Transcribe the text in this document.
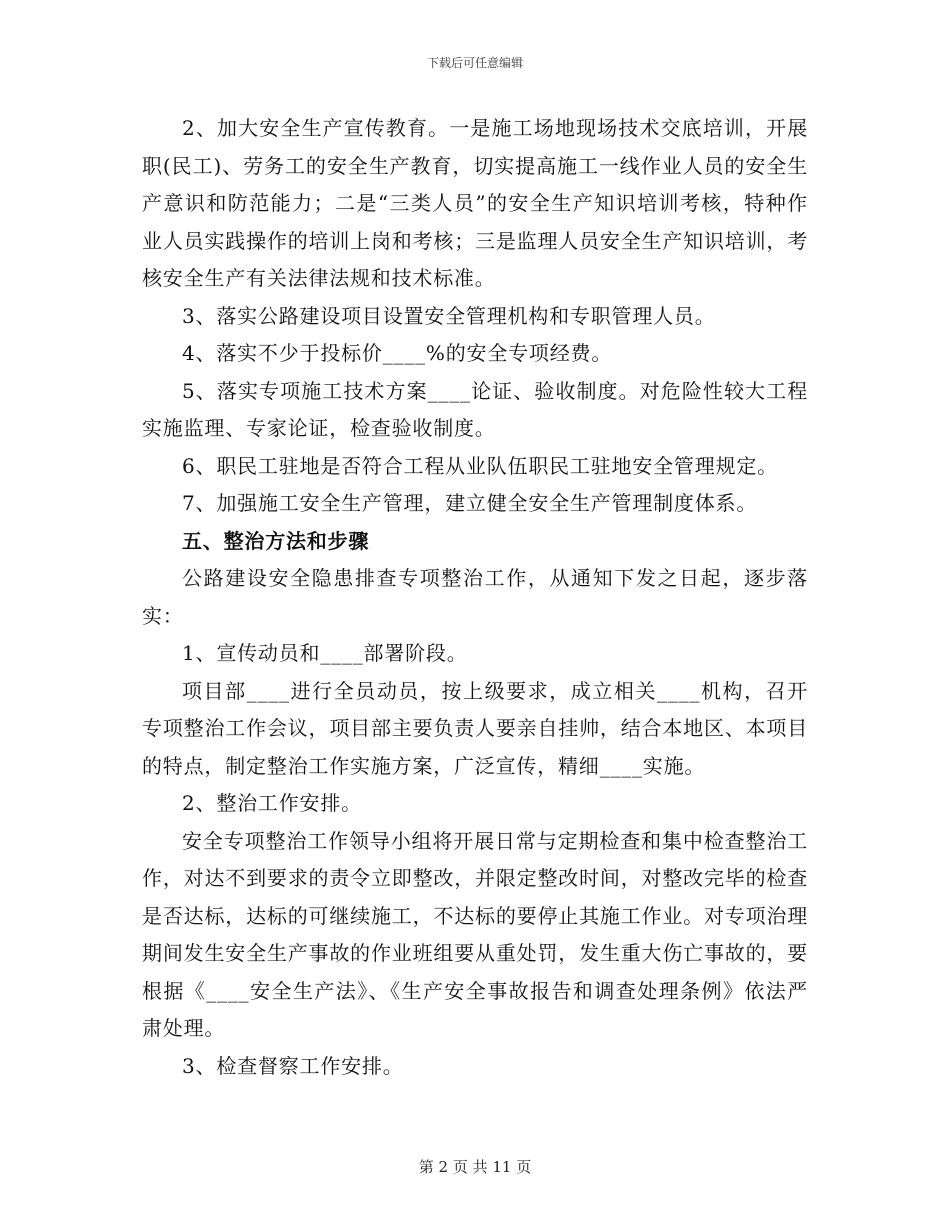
下载后可任意编辑

2、加大安全生产宣传教育。一是施工场地现场技术交底培训，开展职(民工)、劳务工的安全生产教育，切实提高施工一线作业人员的安全生产意识和防范能力；二是“三类人员”的安全生产知识培训考核，特种作业人员实践操作的培训上岗和考核；三是监理人员安全生产知识培训，考核安全生产有关法律法规和技术标准。

3、落实公路建设项目设置安全管理机构和专职管理人员。

4、落实不少于投标价____%的安全专项经费。

5、落实专项施工技术方案____论证、验收制度。对危险性较大工程实施监理、专家论证，检查验收制度。

6、职民工驻地是否符合工程从业队伍职民工驻地安全管理规定。

7、加强施工安全生产管理，建立健全安全生产管理制度体系。

五、整治方法和步骤

公路建设安全隐患排查专项整治工作，从通知下发之日起，逐步落实：

1、宣传动员和____部署阶段。

项目部____进行全员动员，按上级要求，成立相关____机构，召开专项整治工作会议，项目部主要负责人要亲自挂帅，结合本地区、本项目的特点，制定整治工作实施方案，广泛宣传，精细____实施。

2、整治工作安排。

安全专项整治工作领导小组将开展日常与定期检查和集中检查整治工作，对达不到要求的责令立即整改，并限定整改时间，对整改完毕的检查是否达标，达标的可继续施工，不达标的要停止其施工作业。对专项治理期间发生安全生产事故的作业班组要从重处罚，发生重大伤亡事故的，要根据《____安全生产法》、《生产安全事故报告和调查处理条例》依法严肃处理。

3、检查督察工作安排。

第 2 页 共 11 页
